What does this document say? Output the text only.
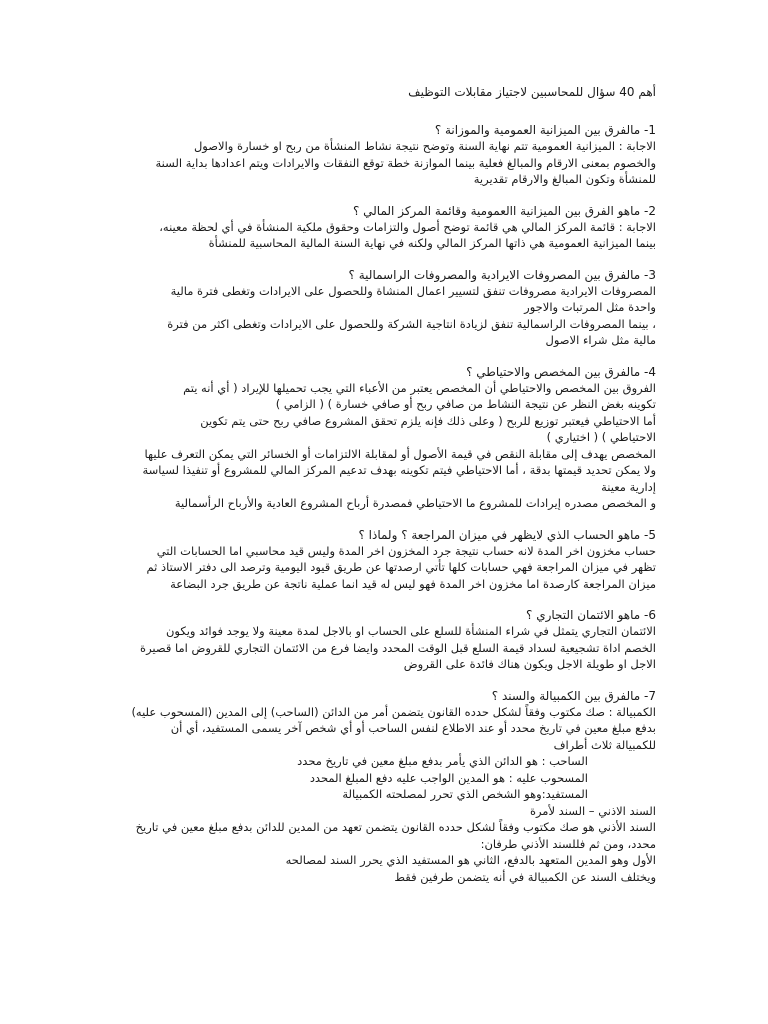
أهم 40 سؤال للمحاسبين لاجتياز مقابلات التوظيف

1- مالفرق بين الميزانية العمومية والموزانة ؟

الاجابة : الميزانية العمومية تتم نهاية السنة وتوضح نتيجة نشاط المنشأة من ربح او خسارة والاصول

والخصوم بمعنى الارقام والمبالغ فعلية بينما الموازنة خطة توقع النفقات والايرادات ويتم اعدادها بداية السنة

للمنشأة وتكون المبالغ والارقام تقديرية

2- ماهو الفرق بين الميزانية االعمومية وقائمة المركز المالي ؟

الاجابة : قائمة المركز المالي هي قائمة توضح أصول والتزامات وحقوق ملكية المنشأة في أي لحظة معينه،

بينما الميزانية العمومية هي ذاتها المركز المالي ولكنه في نهاية السنة المالية المحاسبية للمنشأة

3- مالفرق بين المصروفات الايرادية والمصروفات الراسمالية ؟

المصروفات الايرادية مصروفات تنفق لتسيير اعمال المنشاة وللحصول على الايرادات وتغطى فترة مالية

واحدة مثل المرتبات والاجور

، بينما المصروفات الراسمالية تنفق لزيادة انتاجية الشركة وللحصول على الايرادات وتغطى اكثر من فترة

مالية مثل شراء الاصول

4- مالفرق بين المخصص والاحتياطي ؟

الفروق بين المخصص والاحتياطي أن المخصص يعتبر من الأعباء التي يجب تحميلها للإيراد ( أي أنه يتم

تكوينه بغض النظر عن نتيجة النشاط من صافي ربح أو صافي خسارة ) ( الزامي )

أما الاحتياطي فيعتبر توزيع للربح ( وعلى ذلك فإنه يلزم تحقق المشروع صافي ربح حتى يتم تكوين

الاحتياطي ) ( اختياري )

المخصص يهدف إلى مقابلة النقص في قيمة الأصول أو لمقابلة الالتزامات أو الخسائر التي يمكن التعرف عليها

ولا يمكن تحديد قيمتها بدقة ، أما الاحتياطي فيتم تكوينه بهدف تدعيم المركز المالي للمشروع أو تنفيذا لسياسة

إدارية معينة

و المخصص مصدره إيرادات للمشروع ما الاحتياطي فمصدرة أرباح المشروع العادية والأرباح الرأسمالية

5- ماهو الحساب الذي لايظهر في ميزان المراجعة ؟ ولماذا ؟

حساب مخزون اخر المدة لانه حساب نتيجة جرد المخزون اخر المدة وليس قيد محاسبي اما الحسابات التي

تظهر في ميزان المراجعة فهي حسابات كلها تأتي ارصدتها عن طريق قيود اليومية وترصد الى دفتر الاستاذ ثم

ميزان المراجعة كارصدة اما مخزون اخر المدة فهو ليس له قيد انما عملية ناتجة عن طريق جرد البضاعة

6- ماهو الائتمان التجاري ؟

الائتمان التجاري يتمثل في شراء المنشأة للسلع على الحساب او بالاجل لمدة معينة ولا يوجد فوائد ويكون

الخصم اداة تشجيعية لسداد قيمة السلع قبل الوقت المحدد وايضا فرع من الائتمان التجاري للقروض اما قصيرة

الاجل او طويلة الاجل ويكون هناك فائدة على القروض

7- مالفرق بين الكمبيالة والسند ؟

الكمبيالة : صك مكتوب وفقاً لشكل حدده القانون يتضمن أمر من الدائن (الساحب) إلى المدين (المسحوب عليه)

بدفع مبلغ معين في تاريخ محدد أو عند الاطلاع لنفس الساحب أو أي شخص آخر يسمى المستفيد، أي أن

للكمبيالة ثلاث أطراف

الساحب : هو الدائن الذي يأمر بدفع مبلغ معين في تاريخ محدد

المسحوب عليه : هو المدين الواجب عليه دفع المبلغ المحدد

المستفيد:وهو الشخص الذي تحرر لمصلحته الكمبيالة

السند الاذني – السند لأمرة

السند الأذني هو صك مكتوب وفقاً لشكل حدده القانون يتضمن تعهد من المدين للدائن بدفع مبلغ معين في تاريخ

محدد، ومن ثم فللسند الأذني طرفان:

الأول وهو المدين المتعهد بالدفع، الثاني هو المستفيد الذي يحرر السند لمصالحه

ويختلف السند عن الكمبيالة في أنه يتضمن طرفين فقط
